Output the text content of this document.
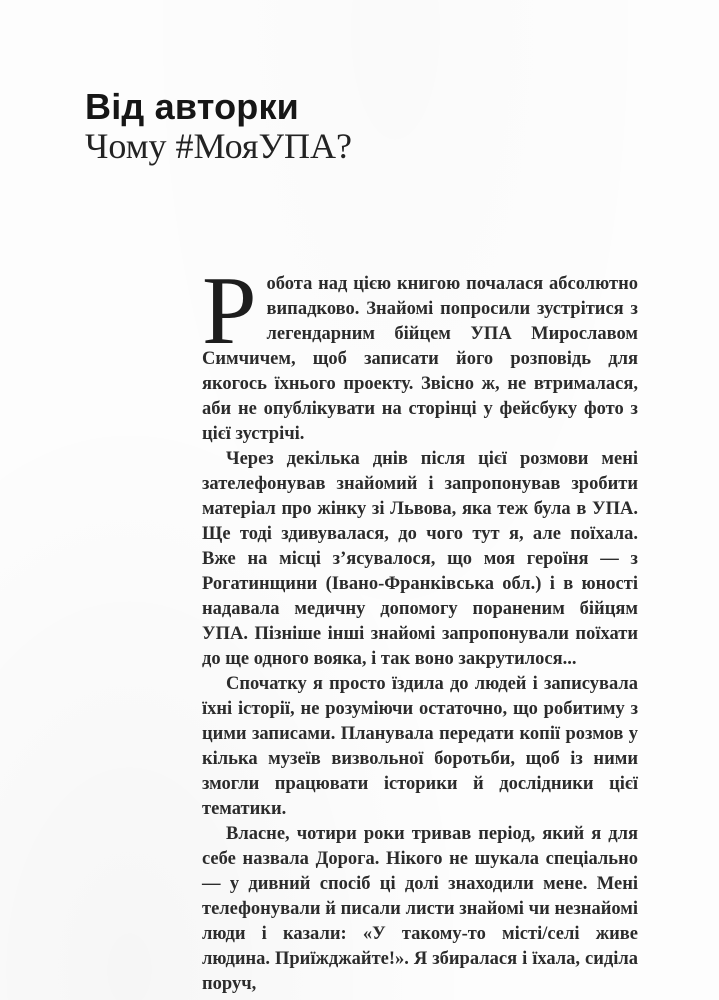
Від авторки
Чому #МояУПА?

Робота над цією книгою почалася абсолютно випадково. Знайомі попросили зустрітися з легендарним бійцем УПА Мирославом Симчичем, щоб записати його розповідь для якогось їхнього проекту. Звісно ж, не втрималася, аби не опублікувати на сторінці у фейсбуку фото з цієї зустрічі.

Через декілька днів після цієї розмови мені зателефонував знайомий і запропонував зробити матеріал про жінку зі Львова, яка теж була в УПА. Ще тоді здивувалася, до чого тут я, але поїхала. Вже на місці з’ясувалося, що моя героїня — з Рогатинщини (Івано-Франківська обл.) і в юності надавала медичну допомогу пораненим бійцям УПА. Пізніше інші знайомі запропонували поїхати до ще одного вояка, і так воно закрутилося...

Спочатку я просто їздила до людей і записувала їхні історії, не розуміючи остаточно, що робитиму з цими записами. Планувала передати копії розмов у кілька музеїв визвольної боротьби, щоб із ними змогли працювати історики й дослідники цієї тематики.

Власне, чотири роки тривав період, який я для себе назвала Дорога. Нікого не шукала спеціально — у дивний спосіб ці долі знаходили мене. Мені телефонували й писали листи знайомі чи незнайомі люди і казали: «У такому-то місті/селі живе людина. Приїжджайте!». Я збиралася і їхала, сиділа поруч,
